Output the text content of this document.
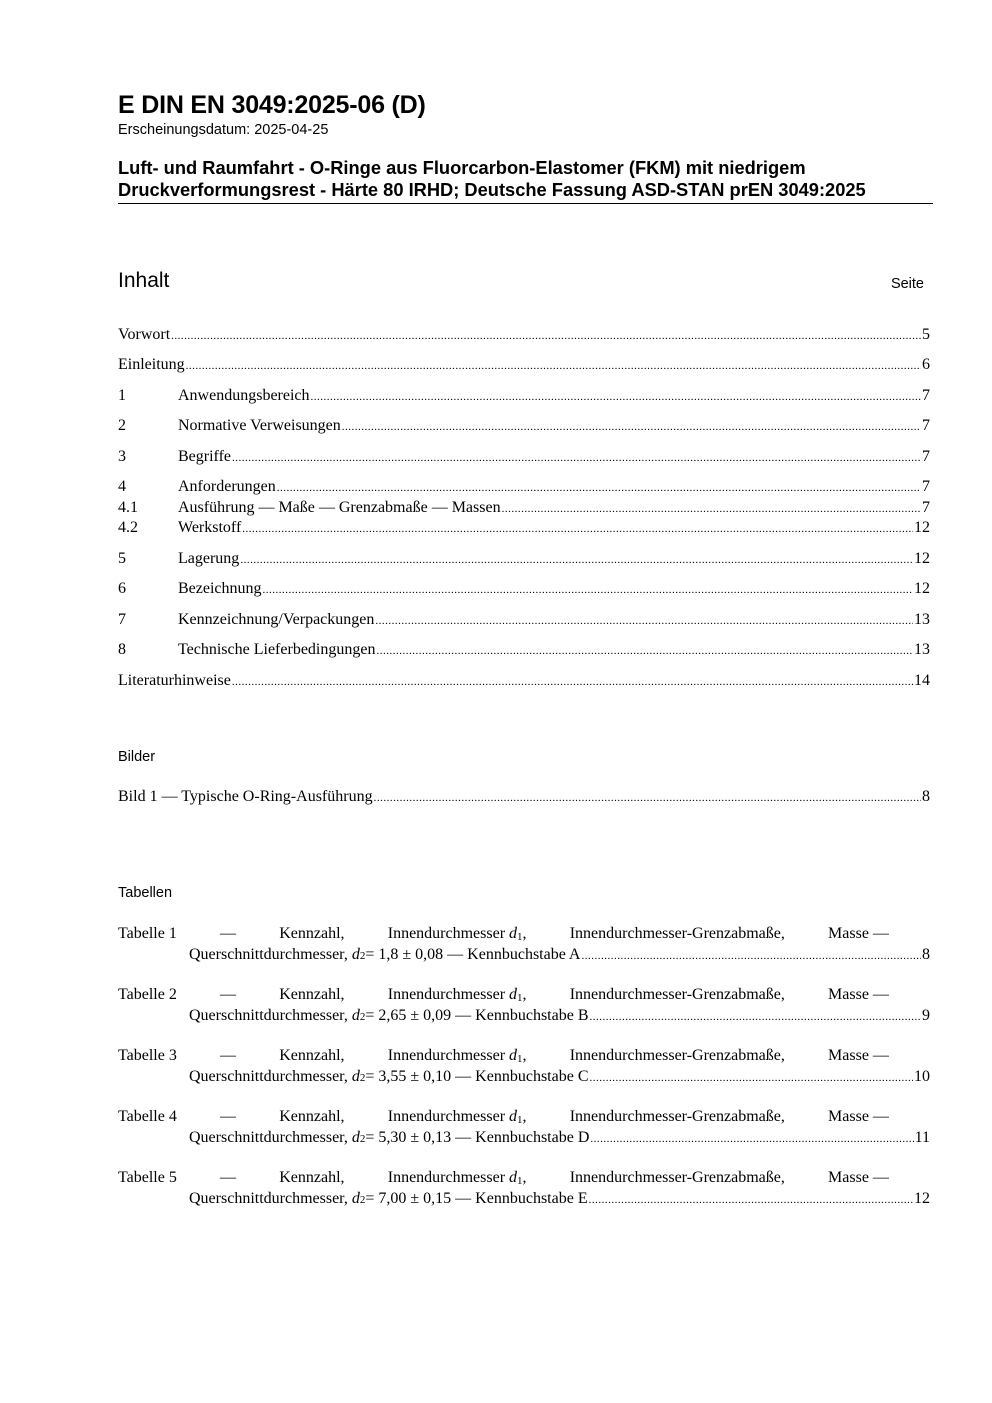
E DIN EN 3049:2025-06 (D)
Erscheinungsdatum: 2025-04-25
Luft- und Raumfahrt - O-Ringe aus Fluorcarbon-Elastomer (FKM) mit niedrigem Druckverformungsrest - Härte 80 IRHD; Deutsche Fassung ASD-STAN prEN 3049:2025
Inhalt	Seite
Vorwort .....	5
Einleitung .....	6
1	Anwendungsbereich .....	7
2	Normative Verweisungen .....	7
3	Begriffe .....	7
4	Anforderungen .....	7
4.1	Ausführung — Maße — Grenzabmaße — Massen .....	7
4.2	Werkstoff .....	12
5	Lagerung .....	12
6	Bezeichnung .....	12
7	Kennzeichnung/Verpackungen .....	13
8	Technische Lieferbedingungen .....	13
Literaturhinweise .....	14
Bilder
Bild 1 — Typische O-Ring-Ausführung .....	8
Tabellen
Tabelle 1	—	Kennzahl,	Innendurchmesser $d_1$,	Innendurchmesser-Grenzabmaße,	Masse —
Querschnittdurchmesser,
d 2 = 1,8 ± 0,08 — Kennbuchstabe A .....	8
Tabelle 2	—	Kennzahl,	Innendurchmesser $d_1$,	Innendurchmesser-Grenzabmaße,	Masse —
Querschnittdurchmesser,
d 2 = 2,65 ± 0,09 — Kennbuchstabe B .....	9
Tabelle 3	—	Kennzahl,	Innendurchmesser $d_1$,	Innendurchmesser-Grenzabmaße,	Masse —
Querschnittdurchmesser,
d 2 = 3,55 ± 0,10 — Kennbuchstabe C .....	10
Tabelle 4	—	Kennzahl,	Innendurchmesser $d_1$,	Innendurchmesser-Grenzabmaße,	Masse —
Querschnittdurchmesser,
d 2 = 5,30 ± 0,13 — Kennbuchstabe D .....	11
Tabelle 5	—	Kennzahl,	Innendurchmesser $d_1$,	Innendurchmesser-Grenzabmaße,	Masse —
Querschnittdurchmesser,
d 2 = 7,00 ± 0,15 — Kennbuchstabe E .....	12
